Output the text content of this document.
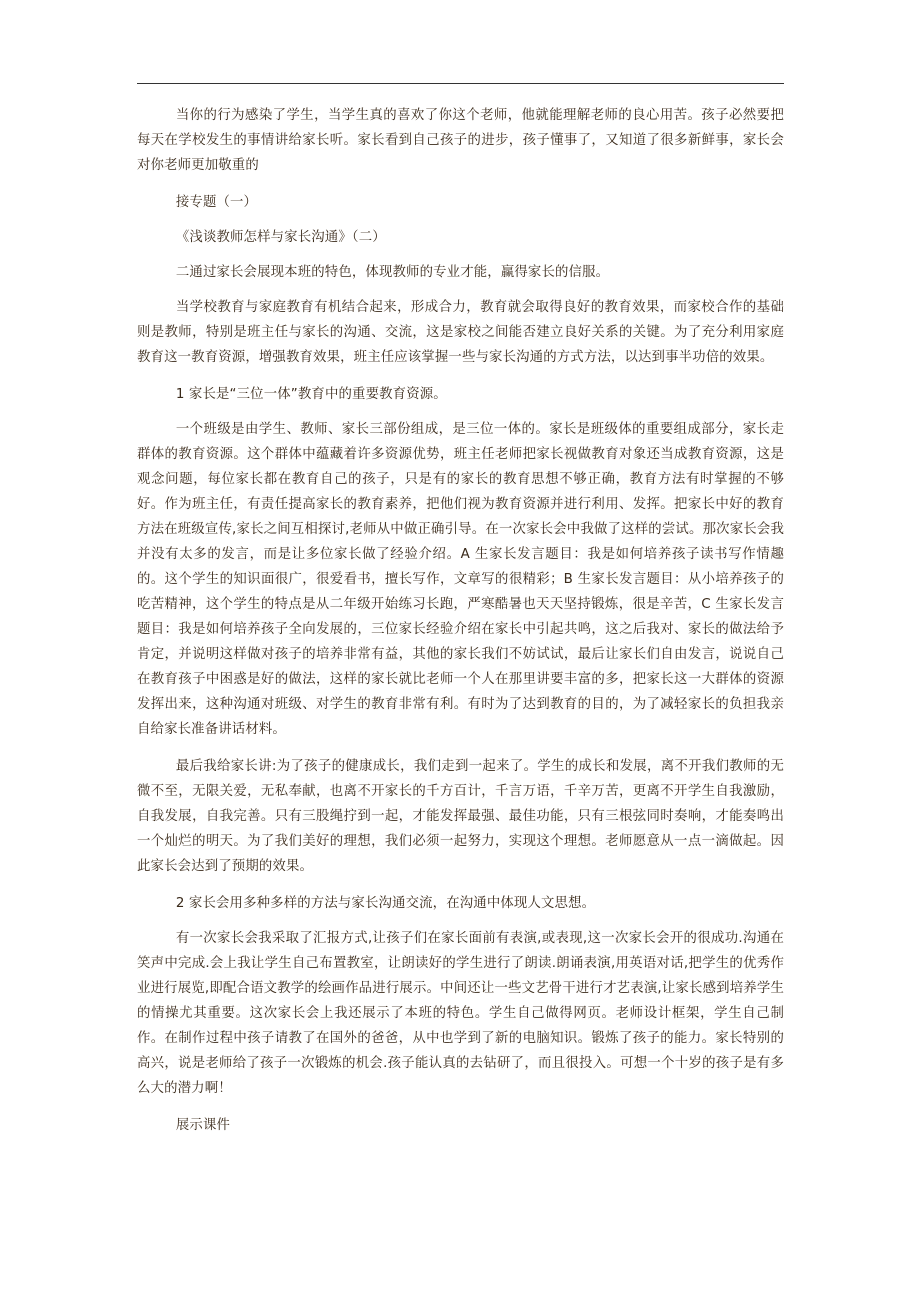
当你的行为感染了学生，当学生真的喜欢了你这个老师，他就能理解老师的良心用苦。孩子必然要把每天在学校发生的事情讲给家长听。家长看到自己孩子的进步，孩子懂事了，又知道了很多新鲜事，家长会对你老师更加敬重的

接专题（一）

《浅谈教师怎样与家长沟通》（二）

二通过家长会展现本班的特色，体现教师的专业才能，赢得家长的信服。

当学校教育与家庭教育有机结合起来，形成合力，教育就会取得良好的教育效果，而家校合作的基础则是教师，特别是班主任与家长的沟通、交流，这是家校之间能否建立良好关系的关键。为了充分利用家庭教育这一教育资源，增强教育效果，班主任应该掌握一些与家长沟通的方式方法，以达到事半功倍的效果。

1 家长是“三位一体”教育中的重要教育资源。

一个班级是由学生、教师、家长三部份组成，是三位一体的。家长是班级体的重要组成部分，家长走群体的教育资源。这个群体中蕴藏着许多资源优势，班主任老师把家长视做教育对象还当成教育资源，这是观念问题，每位家长都在教育自己的孩子，只是有的家长的教育思想不够正确，教育方法有时掌握的不够好。作为班主任，有责任提高家长的教育素养，把他们视为教育资源并进行利用、发挥。把家长中好的教育方法在班级宣传,家长之间互相探讨,老师从中做正确引导。在一次家长会中我做了这样的尝试。那次家长会我并没有太多的发言，而是让多位家长做了经验介绍。A 生家长发言题目：我是如何培养孩子读书写作情趣的。这个学生的知识面很广，很爱看书，擅长写作，文章写的很精彩；B 生家长发言题目：从小培养孩子的吃苦精神，这个学生的特点是从二年级开始练习长跑，严寒酷暑也天天坚持锻炼，很是辛苦，C 生家长发言题目：我是如何培养孩子全向发展的，三位家长经验介绍在家长中引起共鸣，这之后我对、家长的做法给予肯定，并说明这样做对孩子的培养非常有益，其他的家长我们不妨试试，最后让家长们自由发言，说说自己在教育孩子中困惑是好的做法，这样的家长就比老师一个人在那里讲要丰富的多，把家长这一大群体的资源发挥出来，这种沟通对班级、对学生的教育非常有利。有时为了达到教育的目的，为了减轻家长的负担我亲自给家长准备讲话材料。

最后我给家长讲:为了孩子的健康成长，我们走到一起来了。学生的成长和发展，离不开我们教师的无微不至，无限关爱，无私奉献，也离不开家长的千方百计，千言万语，千辛万苦，更离不开学生自我激励，自我发展，自我完善。只有三股绳拧到一起，才能发挥最强、最佳功能，只有三根弦同时奏响，才能奏鸣出一个灿烂的明天。为了我们美好的理想，我们必须一起努力，实现这个理想。老师愿意从一点一滴做起。因此家长会达到了预期的效果。

2 家长会用多种多样的方法与家长沟通交流，在沟通中体现人文思想。

有一次家长会我采取了汇报方式,让孩子们在家长面前有表演,或表现,这一次家长会开的很成功.沟通在笑声中完成.会上我让学生自己布置教室，让朗读好的学生进行了朗读.朗诵表演,用英语对话,把学生的优秀作业进行展览,即配合语文教学的绘画作品进行展示。中间还让一些文艺骨干进行才艺表演,让家长感到培养学生的情操尤其重要。这次家长会上我还展示了本班的特色。学生自己做得网页。老师设计框架，学生自己制作。在制作过程中孩子请教了在国外的爸爸，从中也学到了新的电脑知识。锻炼了孩子的能力。家长特别的高兴，说是老师给了孩子一次锻炼的机会.孩子能认真的去钻研了，而且很投入。可想一个十岁的孩子是有多么大的潜力啊！

展示课件
